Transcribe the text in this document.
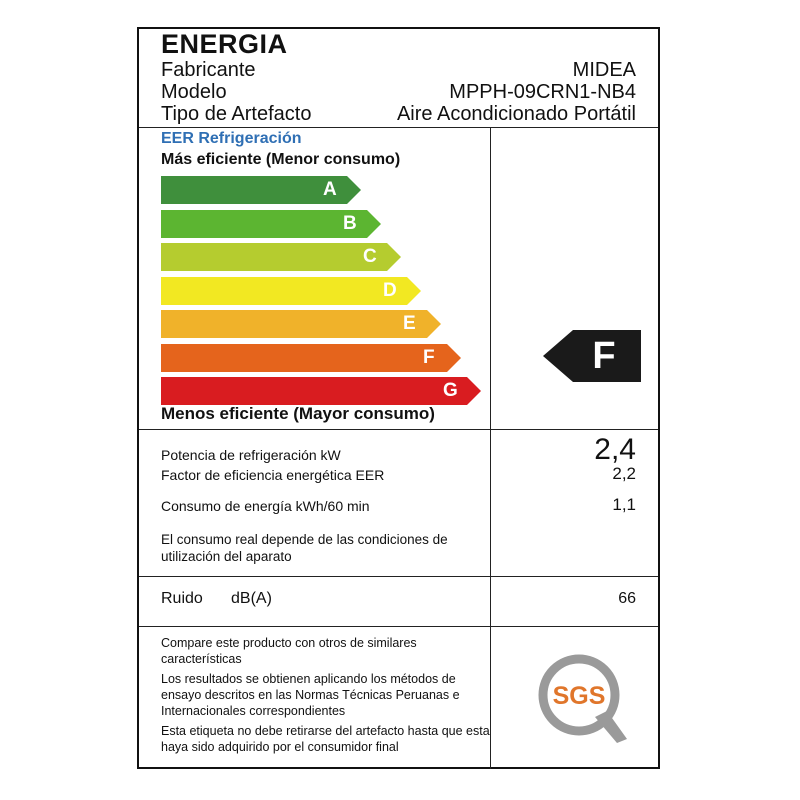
ENERGIA
Fabricante	MIDEA
Modelo	MPPH-09CRN1-NB4
Tipo de Artefacto	Aire Acondicionado Portátil
EER Refrigeración
Más eficiente (Menor consumo)
A
B
C
D
E
F
G
Menos eficiente (Mayor consumo)
F
Potencia de refrigeración kW	2,4
Factor de eficiencia energética EER	2,2
Consumo de energía kWh/60 min	1,1
El consumo real depende de las condiciones de utilización del aparato
Ruido dB(A)	66
Compare este producto con otros de similares características
Los resultados se obtienen aplicando los métodos de ensayo descritos en las Normas Técnicas Peruanas e Internacionales correspondientes
Esta etiqueta no debe retirarse del artefacto hasta que esta haya sido adquirido por el consumidor final
SGS
